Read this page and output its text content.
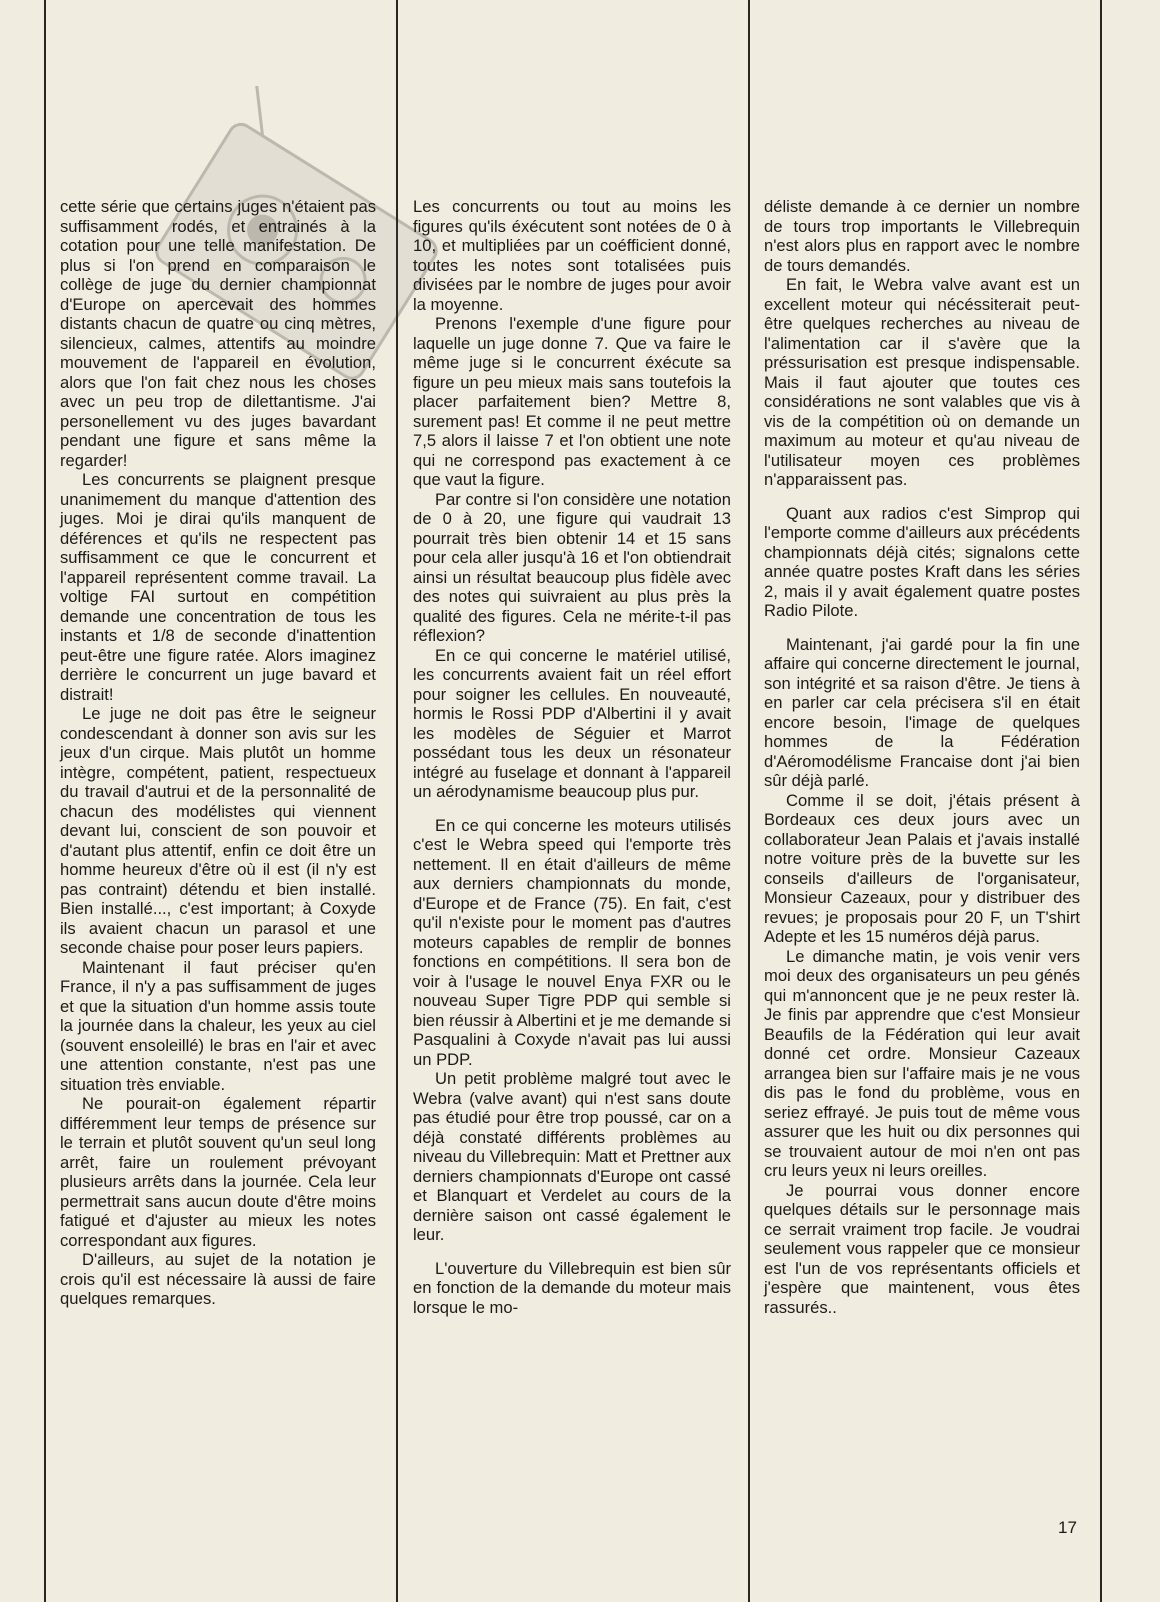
cette série que certains juges n'étaient pas suffisamment rodés, et entrainés à la cotation pour une telle manifestation. De plus si l'on prend en comparaison le collège de juge du dernier championnat d'Europe on apercevait des hommes distants chacun de quatre ou cinq mètres, silencieux, calmes, attentifs au moindre mouvement de l'appareil en évolution, alors que l'on fait chez nous les choses avec un peu trop de dilettantisme. J'ai personellement vu des juges bavardant pendant une figure et sans même la regarder!

Les concurrents se plaignent presque unanimement du manque d'attention des juges. Moi je dirai qu'ils manquent de déférences et qu'ils ne respectent pas suffisamment ce que le concurrent et l'appareil représentent comme travail. La voltige FAI surtout en compétition demande une concentration de tous les instants et 1/8 de seconde d'inattention peut-être une figure ratée. Alors imaginez derrière le concurrent un juge bavard et distrait!

Le juge ne doit pas être le seigneur condescendant à donner son avis sur les jeux d'un cirque. Mais plutôt un homme intègre, compétent, patient, respectueux du travail d'autrui et de la personnalité de chacun des modélistes qui viennent devant lui, conscient de son pouvoir et d'autant plus attentif, enfin ce doit être un homme heureux d'être où il est (il n'y est pas contraint) détendu et bien installé. Bien installé..., c'est important; à Coxyde ils avaient chacun un parasol et une seconde chaise pour poser leurs papiers.

Maintenant il faut préciser qu'en France, il n'y a pas suffisamment de juges et que la situation d'un homme assis toute la journée dans la chaleur, les yeux au ciel (souvent ensoleillé) le bras en l'air et avec une attention constante, n'est pas une situation très enviable.

Ne pourait-on également répartir différemment leur temps de présence sur le terrain et plutôt souvent qu'un seul long arrêt, faire un roulement prévoyant plusieurs arrêts dans la journée. Cela leur permettrait sans aucun doute d'être moins fatigué et d'ajuster au mieux les notes correspondant aux figures.

D'ailleurs, au sujet de la notation je crois qu'il est nécessaire là aussi de faire quelques remarques.

Les concurrents ou tout au moins les figures qu'ils éxécutent sont notées de 0 à 10, et multipliées par un coéfficient donné, toutes les notes sont totalisées puis divisées par le nombre de juges pour avoir la moyenne.

Prenons l'exemple d'une figure pour laquelle un juge donne 7. Que va faire le même juge si le concurrent éxécute sa figure un peu mieux mais sans toutefois la placer parfaitement bien? Mettre 8, surement pas! Et comme il ne peut mettre 7,5 alors il laisse 7 et l'on obtient une note qui ne correspond pas exactement à ce que vaut la figure.

Par contre si l'on considère une notation de 0 à 20, une figure qui vaudrait 13 pourrait très bien obtenir 14 et 15 sans pour cela aller jusqu'à 16 et l'on obtiendrait ainsi un résultat beaucoup plus fidèle avec des notes qui suivraient au plus près la qualité des figures. Cela ne mérite-t-il pas réflexion?

En ce qui concerne le matériel utilisé, les concurrents avaient fait un réel effort pour soigner les cellules. En nouveauté, hormis le Rossi PDP d'Albertini il y avait les modèles de Séguier et Marrot possédant tous les deux un résonateur intégré au fuselage et donnant à l'appareil un aérodynamisme beaucoup plus pur.

En ce qui concerne les moteurs utilisés c'est le Webra speed qui l'emporte très nettement. Il en était d'ailleurs de même aux derniers championnats du monde, d'Europe et de France (75). En fait, c'est qu'il n'existe pour le moment pas d'autres moteurs capables de remplir de bonnes fonctions en compétitions. Il sera bon de voir à l'usage le nouvel Enya FXR ou le nouveau Super Tigre PDP qui semble si bien réussir à Albertini et je me demande si Pasqualini à Coxyde n'avait pas lui aussi un PDP.

Un petit problème malgré tout avec le Webra (valve avant) qui n'est sans doute pas étudié pour être trop poussé, car on a déjà constaté différents problèmes au niveau du Villebrequin: Matt et Prettner aux derniers championnats d'Europe ont cassé et Blanquart et Verdelet au cours de la dernière saison ont cassé également le leur.

L'ouverture du Villebrequin est bien sûr en fonction de la demande du moteur mais lorsque le mo-

déliste demande à ce dernier un nombre de tours trop importants le Villebrequin n'est alors plus en rapport avec le nombre de tours demandés.

En fait, le Webra valve avant est un excellent moteur qui nécéssiterait peut-être quelques recherches au niveau de l'alimentation car il s'avère que la préssurisation est presque indispensable. Mais il faut ajouter que toutes ces considérations ne sont valables que vis à vis de la compétition où on demande un maximum au moteur et qu'au niveau de l'utilisateur moyen ces problèmes n'apparaissent pas.

Quant aux radios c'est Simprop qui l'emporte comme d'ailleurs aux précédents championnats déjà cités; signalons cette année quatre postes Kraft dans les séries 2, mais il y avait également quatre postes Radio Pilote.

Maintenant, j'ai gardé pour la fin une affaire qui concerne directement le journal, son intégrité et sa raison d'être. Je tiens à en parler car cela précisera s'il en était encore besoin, l'image de quelques hommes de la Fédération d'Aéromodélisme Francaise dont j'ai bien sûr déjà parlé.

Comme il se doit, j'étais présent à Bordeaux ces deux jours avec un collaborateur Jean Palais et j'avais installé notre voiture près de la buvette sur les conseils d'ailleurs de l'organisateur, Monsieur Cazeaux, pour y distribuer des revues; je proposais pour 20 F, un T'shirt Adepte et les 15 numéros déjà parus.

Le dimanche matin, je vois venir vers moi deux des organisateurs un peu génés qui m'annoncent que je ne peux rester là. Je finis par apprendre que c'est Monsieur Beaufils de la Fédération qui leur avait donné cet ordre. Monsieur Cazeaux arrangea bien sur l'affaire mais je ne vous dis pas le fond du problème, vous en seriez effrayé. Je puis tout de même vous assurer que les huit ou dix personnes qui se trouvaient autour de moi n'en ont pas cru leurs yeux ni leurs oreilles.

Je pourrai vous donner encore quelques détails sur le personnage mais ce serrait vraiment trop facile. Je voudrai seulement vous rappeler que ce monsieur est l'un de vos représentants officiels et j'espère que maintenent, vous êtes rassurés..

17
